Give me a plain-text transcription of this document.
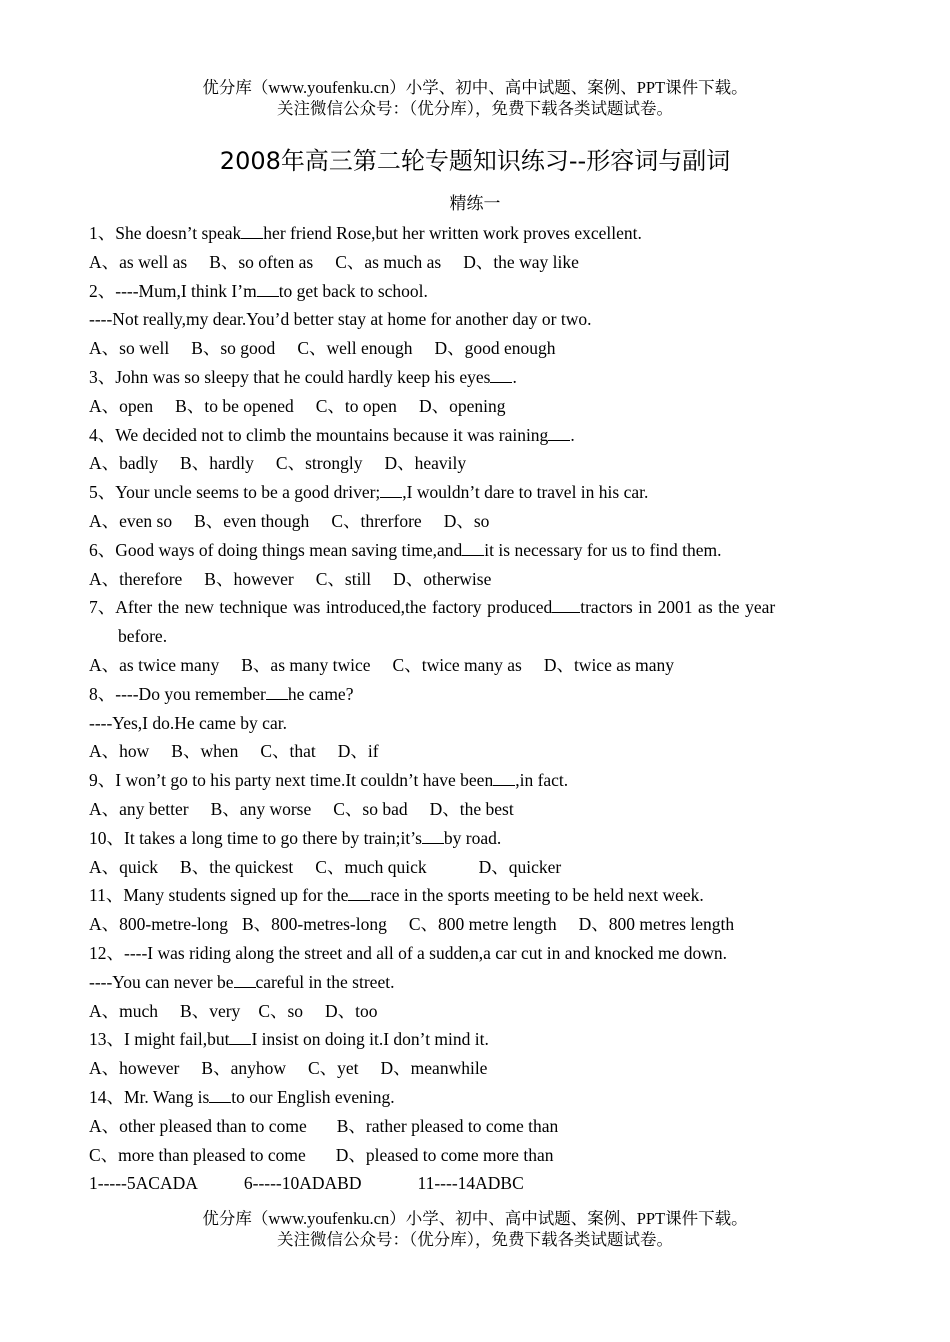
优分库（www.youfenku.cn）小学、初中、高中试题、案例、PPT课件下载。
关注微信公众号：（优分库），免费下载各类试题试卷。
2008年高三第二轮专题知识练习--形容词与副词
精练一
1、She doesn’t speak her friend Rose,but her written work proves excellent.
A、as well as B、so often as C、as much as D、the way like
2、----Mum,I think I’m to get back to school.
----Not really,my dear.You’d better stay at home for another day or two.
A、so well B、so good C、well enough D、good enough
3、John was so sleepy that he could hardly keep his eyes .
A、open B、to be opened C、to open D、opening
4、We decided not to climb the mountains because it was raining .
A、badly B、hardly C、strongly D、heavily
5、Your uncle seems to be a good driver; ,I wouldn’t dare to travel in his car.
A、even so B、even though C、threrfore D、so
6、Good ways of doing things mean saving time,and it is necessary for us to find them.
A、therefore B、however C、still D、otherwise
7、After the new technique was introduced,the factory produced tractors in 2001 as the year
before.
A、as twice many B、as many twice C、twice many as D、twice as many
8、----Do you remember he came?
----Yes,I do.He came by car.
A、how B、when C、that D、if
9、I won’t go to his party next time.It couldn’t have been ,in fact.
A、any better B、any worse C、so bad D、the best
10、It takes a long time to go there by train;it’s by road.
A、quick B、the quickest C、much quick	D、quicker
11、Many students signed up for the race in the sports meeting to be held next week.
A、800-metre-long B、800-metres-long C、800 metre length D、800 metres length
12、----I was riding along the street and all of a sudden,a car cut in and knocked me down.
----You can never be careful in the street.
A、much B、very C、so D、too
13、I might fail,but I insist on doing it.I don’t mind it.
A、however B、anyhow C、yet D、meanwhile
14、Mr. Wang is to our English evening.
A、other pleased than to come B、rather pleased to come than
C、more than pleased to come D、pleased to come more than
1-----5ACADA	6-----10ADABD	11----14ADBC
优分库（www.youfenku.cn）小学、初中、高中试题、案例、PPT课件下载。
关注微信公众号：（优分库），免费下载各类试题试卷。
